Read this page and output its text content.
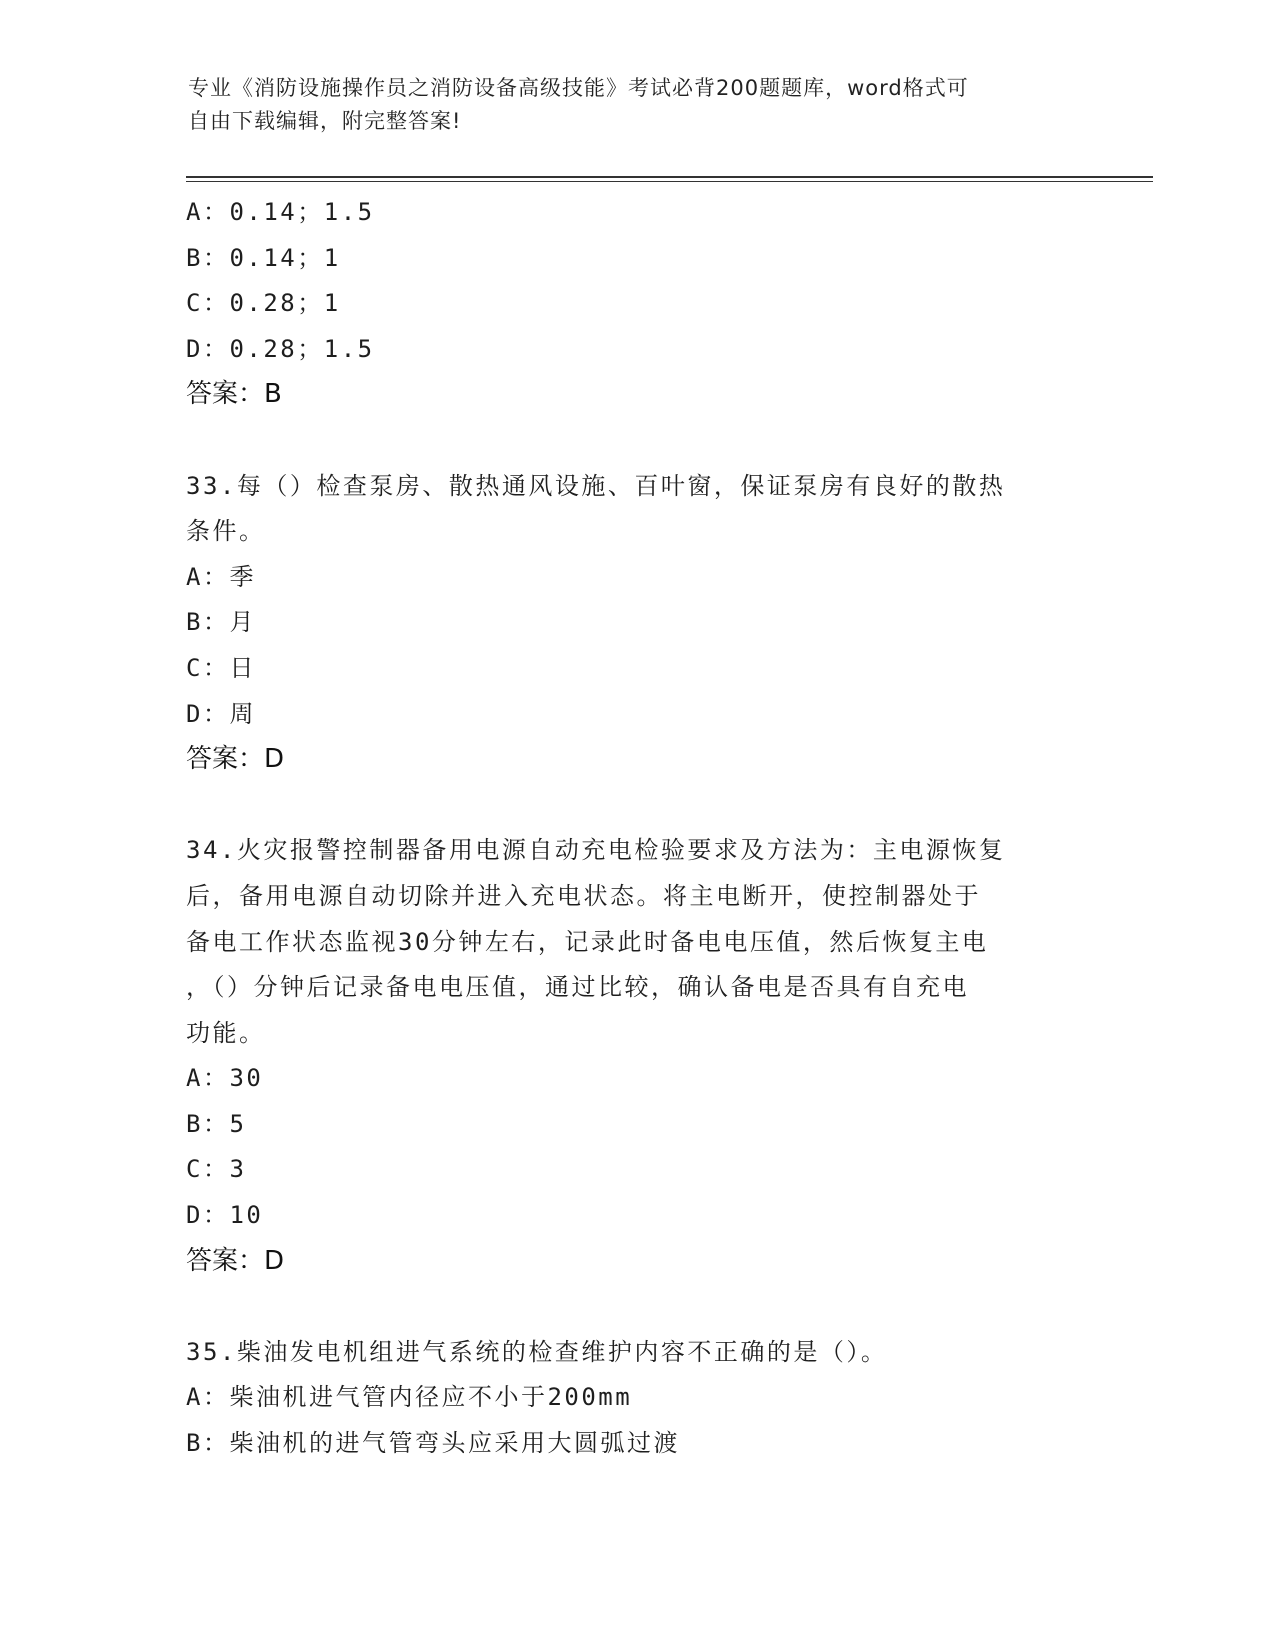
专业《消防设施操作员之消防设备高级技能》考试必背200题题库，word格式可
自由下载编辑，附完整答案!
A：0.14；1.5
B：0.14；1
C：0.28；1
D：0.28；1.5
答案：B
33.每（）检查泵房、散热通风设施、百叶窗，保证泵房有良好的散热
条件。
A：季
B：月
C：日
D：周
答案：D
34.火灾报警控制器备用电源自动充电检验要求及方法为：主电源恢复
后，备用电源自动切除并进入充电状态。将主电断开，使控制器处于
备电工作状态监视30分钟左右，记录此时备电电压值，然后恢复主电
，（）分钟后记录备电电压值，通过比较，确认备电是否具有自充电
功能。
A：30
B：5
C：3
D：10
答案：D
35.柴油发电机组进气系统的检查维护内容不正确的是（）。
A：柴油机进气管内径应不小于200mm
B：柴油机的进气管弯头应采用大圆弧过渡
